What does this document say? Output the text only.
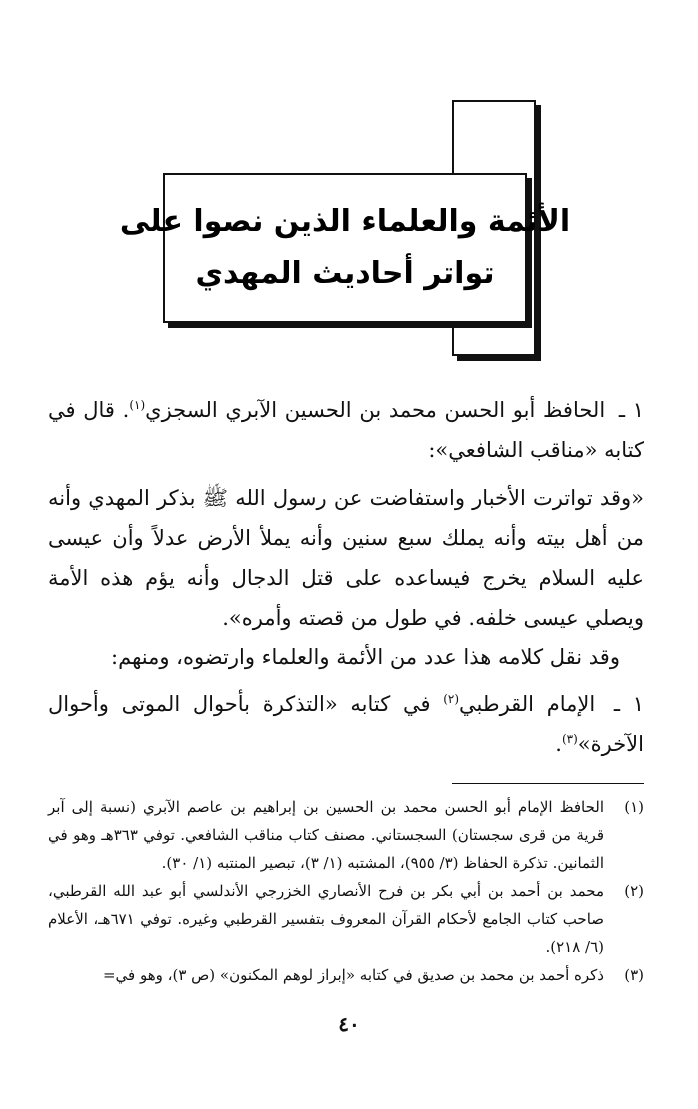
الأئمة والعلماء الذين نصوا على
تواتر أحاديث المهدي
١ ـ الحافظ أبو الحسن محمد بن الحسين الآبري السجزي$^{(١)}$. قال في كتابه «مناقب الشافعي»:
«وقد تواترت الأخبار واستفاضت عن رسول الله ﷺ بذكر المهدي وأنه من أهل بيته وأنه يملك سبع سنين وأنه يملأ الأرض عدلاً وأن عيسى عليه السلام يخرج فيساعده على قتل الدجال وأنه يؤم هذه الأمة ويصلي عيسى خلفه. في طول من قصته وأمره».
وقد نقل كلامه هذا عدد من الأئمة والعلماء وارتضوه، ومنهم:
١ ـ الإمام القرطبي$^{(٢)}$ في كتابه «التذكرة بأحوال الموتى وأحوال الآخرة»$^{(٣)}$.
(١)
الحافظ الإمام أبو الحسن محمد بن الحسين بن إبراهيم بن عاصم الآبري (نسبة إلى آبر قرية من قرى سجستان) السجستاني. مصنف كتاب مناقب الشافعي. توفي ٣٦٣هـ وهو في الثمانين. تذكرة الحفاظ (٣/ ٩٥٥)، المشتبه (١/ ٣)، تبصير المنتبه (١/ ٣٠).
(٢)
محمد بن أحمد بن أبي بكر بن فرح الأنصاري الخزرجي الأندلسي أبو عبد الله القرطبي، صاحب كتاب الجامع لأحكام القرآن المعروف بتفسير القرطبي وغيره. توفي ٦٧١هـ، الأعلام (٦/ ٢١٨).
(٣)
ذكره أحمد بن محمد بن صديق في كتابه «إبراز لوهم المكنون» (ص ٣)، وهو في=
٤٠
